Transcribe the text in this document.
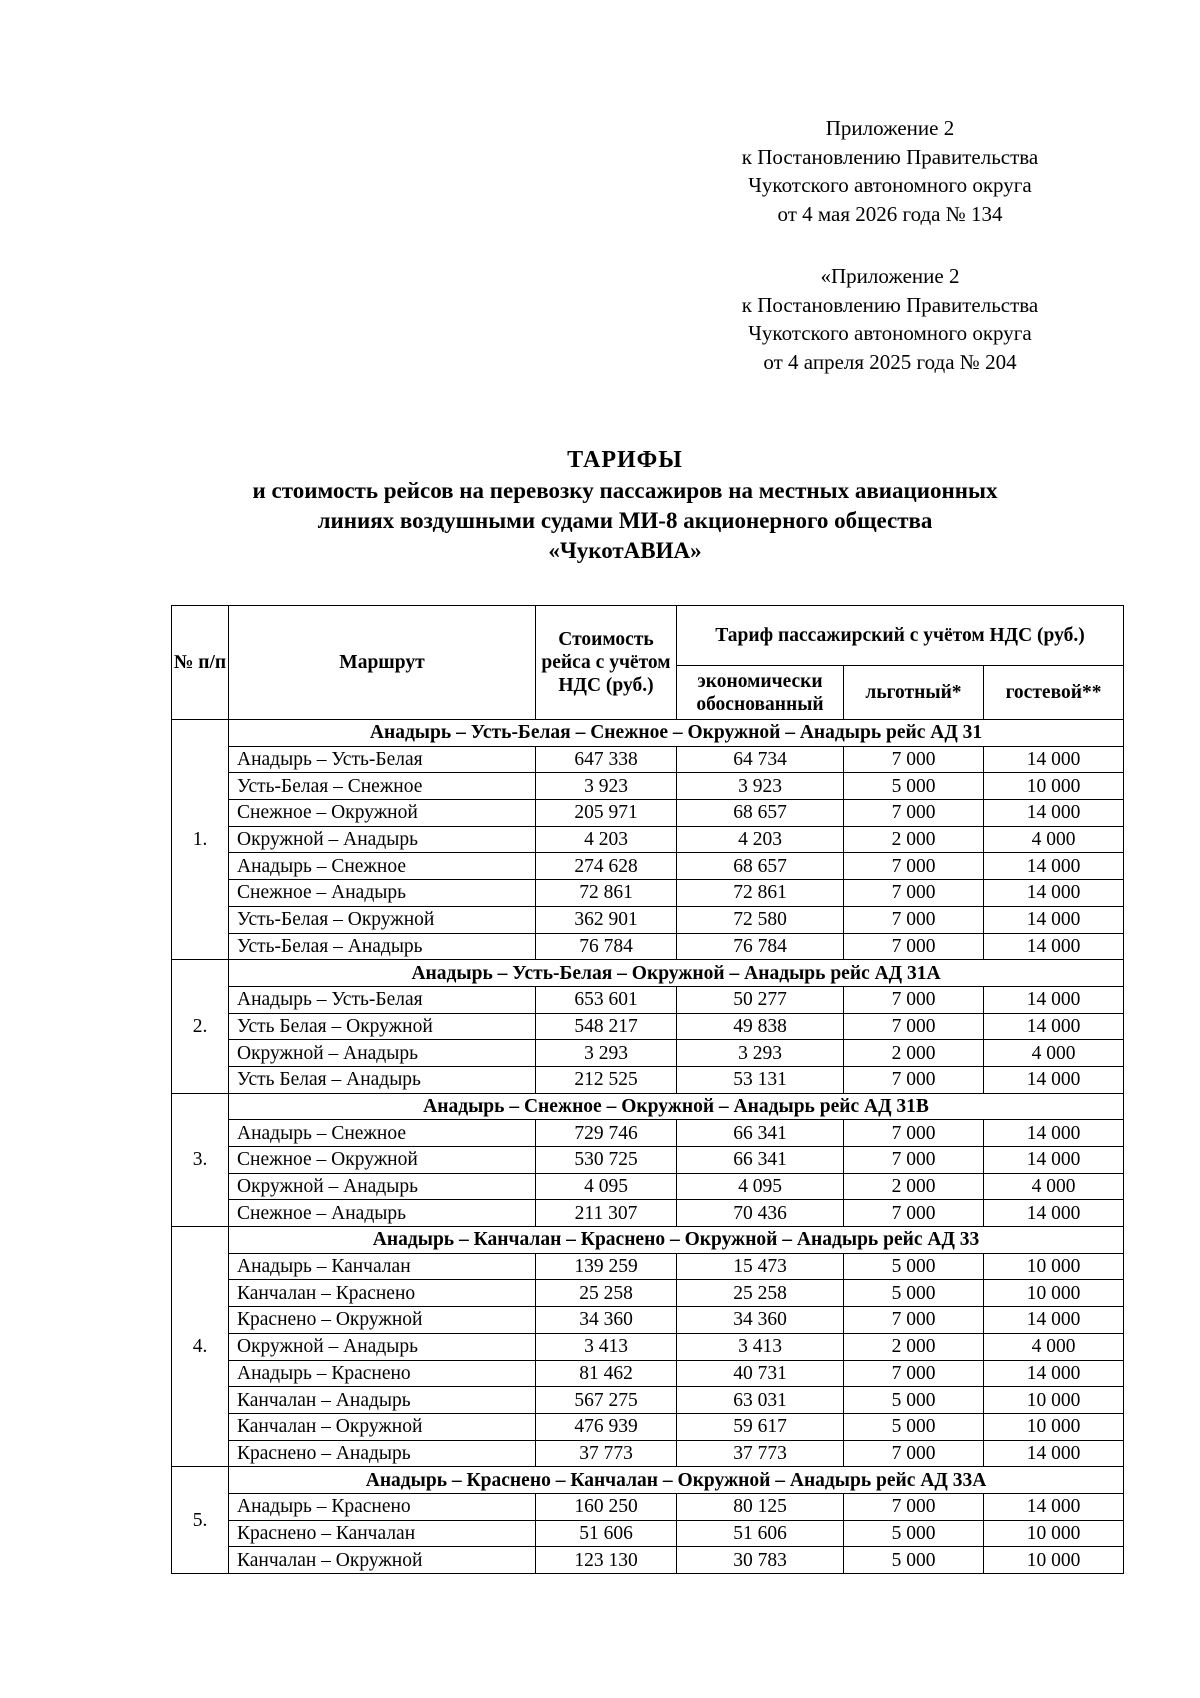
Приложение 2
к Постановлению Правительства
Чукотского автономного округа
от 4 мая 2026 года № 134
«Приложение 2
к Постановлению Правительства
Чукотского автономного округа
от 4 апреля 2025 года № 204
ТАРИФЫ
и стоимость рейсов на перевозку пассажиров на местных авиационных
линиях воздушными судами МИ-8 акционерного общества
«ЧукотАВИА»
№ п/п	Маршрут	Стоимость рейса с учётом НДС (руб.)	Тариф пассажирский с учётом НДС (руб.)		
			экономически обоснованный	льготный*	гостевой**
1.	Анадырь – Усть-Белая – Снежное – Окружной – Анадырь рейс АД 31				
	Анадырь – Усть-Белая	647 338	64 734	7 000	14 000
	Усть-Белая – Снежное	3 923	3 923	5 000	10 000
	Снежное – Окружной	205 971	68 657	7 000	14 000
	Окружной – Анадырь	4 203	4 203	2 000	4 000
	Анадырь – Снежное	274 628	68 657	7 000	14 000
	Снежное – Анадырь	72 861	72 861	7 000	14 000
	Усть-Белая – Окружной	362 901	72 580	7 000	14 000
	Усть-Белая – Анадырь	76 784	76 784	7 000	14 000
2.	Анадырь – Усть-Белая – Окружной – Анадырь рейс АД 31А				
	Анадырь – Усть-Белая	653 601	50 277	7 000	14 000
	Усть Белая – Окружной	548 217	49 838	7 000	14 000
	Окружной – Анадырь	3 293	3 293	2 000	4 000
	Усть Белая – Анадырь	212 525	53 131	7 000	14 000
3.	Анадырь – Снежное – Окружной – Анадырь рейс АД 31В				
	Анадырь – Снежное	729 746	66 341	7 000	14 000
	Снежное – Окружной	530 725	66 341	7 000	14 000
	Окружной – Анадырь	4 095	4 095	2 000	4 000
	Снежное – Анадырь	211 307	70 436	7 000	14 000
4.	Анадырь – Канчалан – Краснено – Окружной – Анадырь рейс АД 33				
	Анадырь – Канчалан	139 259	15 473	5 000	10 000
	Канчалан – Краснено	25 258	25 258	5 000	10 000
	Краснено – Окружной	34 360	34 360	7 000	14 000
	Окружной – Анадырь	3 413	3 413	2 000	4 000
	Анадырь – Краснено	81 462	40 731	7 000	14 000
	Канчалан – Анадырь	567 275	63 031	5 000	10 000
	Канчалан – Окружной	476 939	59 617	5 000	10 000
	Краснено – Анадырь	37 773	37 773	7 000	14 000
5.	Анадырь – Краснено – Канчалан – Окружной – Анадырь рейс АД 33А				
	Анадырь – Краснено	160 250	80 125	7 000	14 000
	Краснено – Канчалан	51 606	51 606	5 000	10 000
	Канчалан – Окружной	123 130	30 783	5 000	10 000
